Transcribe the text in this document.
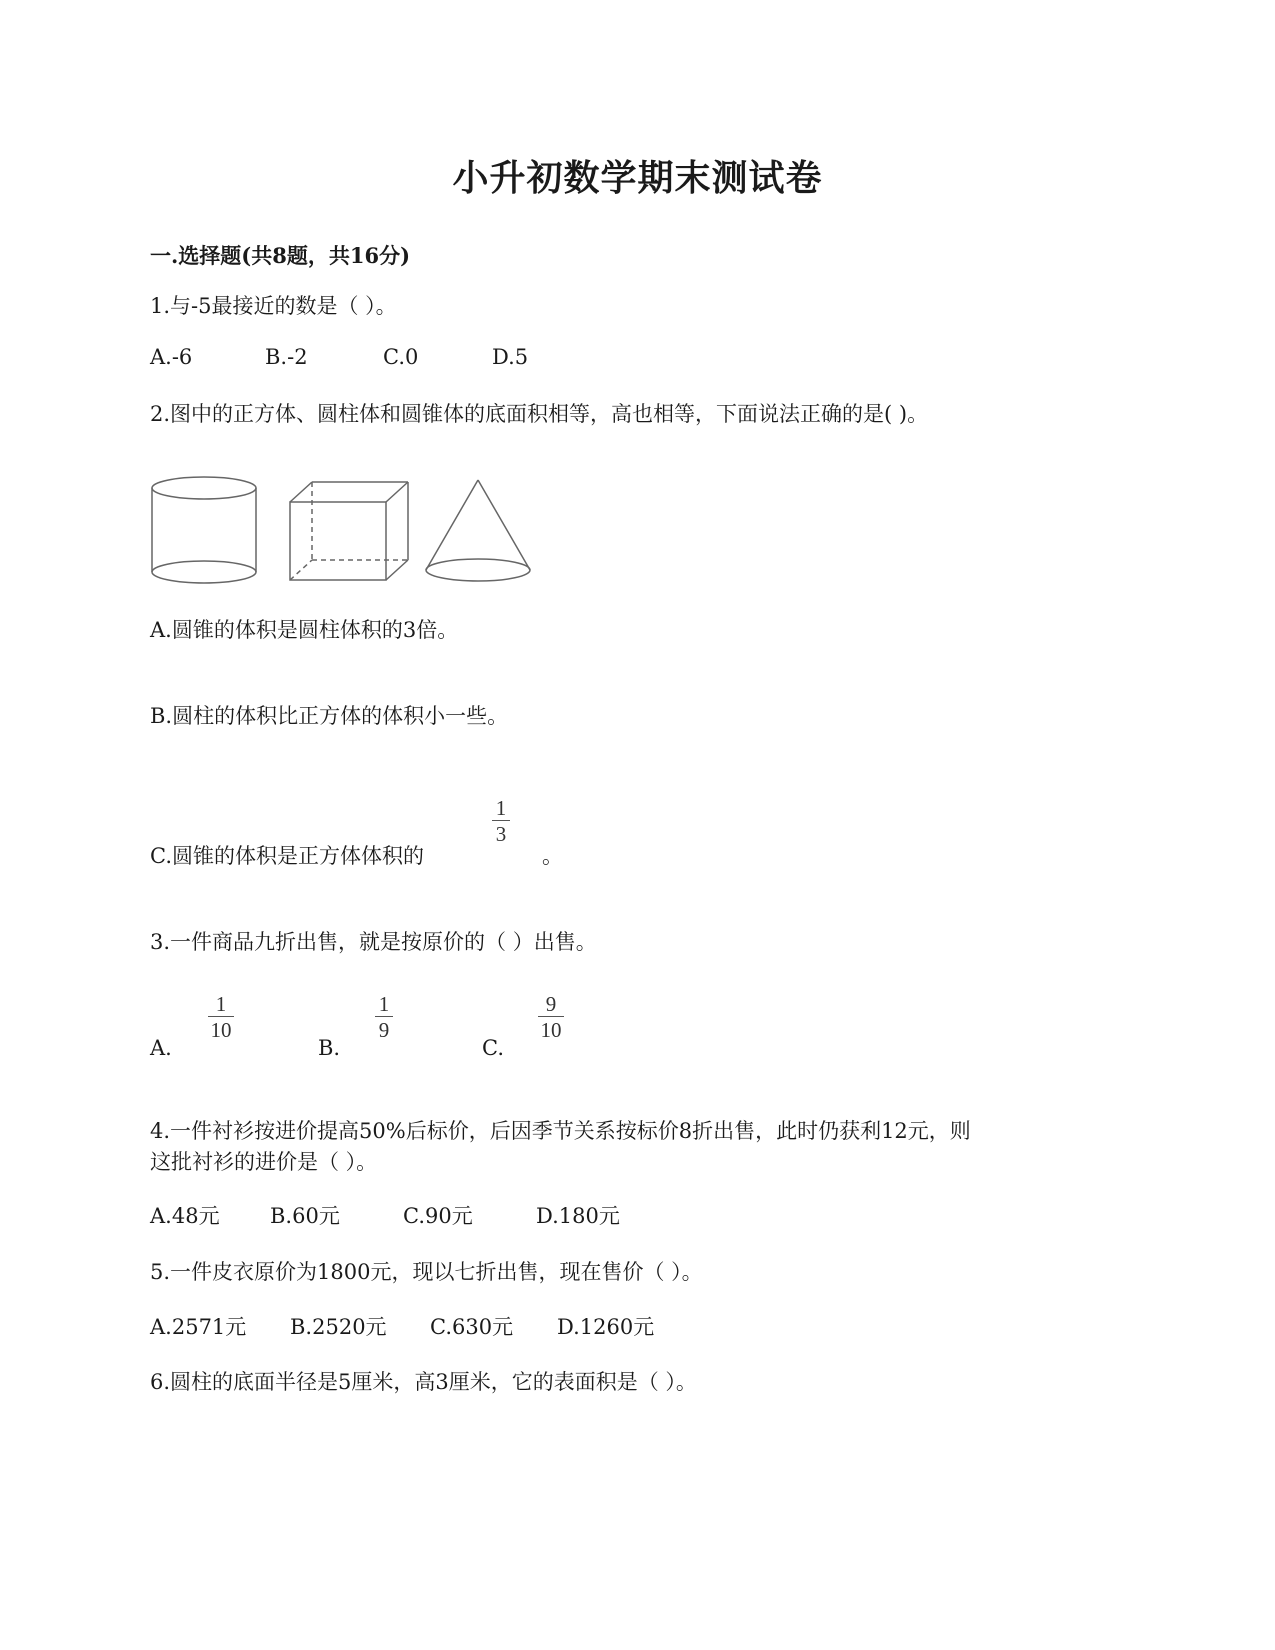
小升初数学期末测试卷
一.选择题(共8题，共16分)
1.与-5最接近的数是（ ）。
A.-6	B.-2	C.0	D.5
2.图中的正方体、圆柱体和圆锥体的底面积相等，高也相等，下面说法正确的是( )。
A.圆锥的体积是圆柱体积的3倍。
B.圆柱的体积比正方体的体积小一些。
C.圆锥的体积是正方体体积的
1
3
。
3.一件商品九折出售，就是按原价的（ ）出售。
A.
1
10
B.
1
9
C.
9
10
4.一件衬衫按进价提高50%后标价，后因季节关系按标价8折出售，此时仍获利12元，则
这批衬衫的进价是（ ）。
A.48元 B.60元	C.90元	D.180元
5.一件皮衣原价为1800元，现以七折出售，现在售价（ ）。
A.2571元 B.2520元 C.630元 D.1260元
6.圆柱的底面半径是5厘米，高3厘米，它的表面积是（ ）。
